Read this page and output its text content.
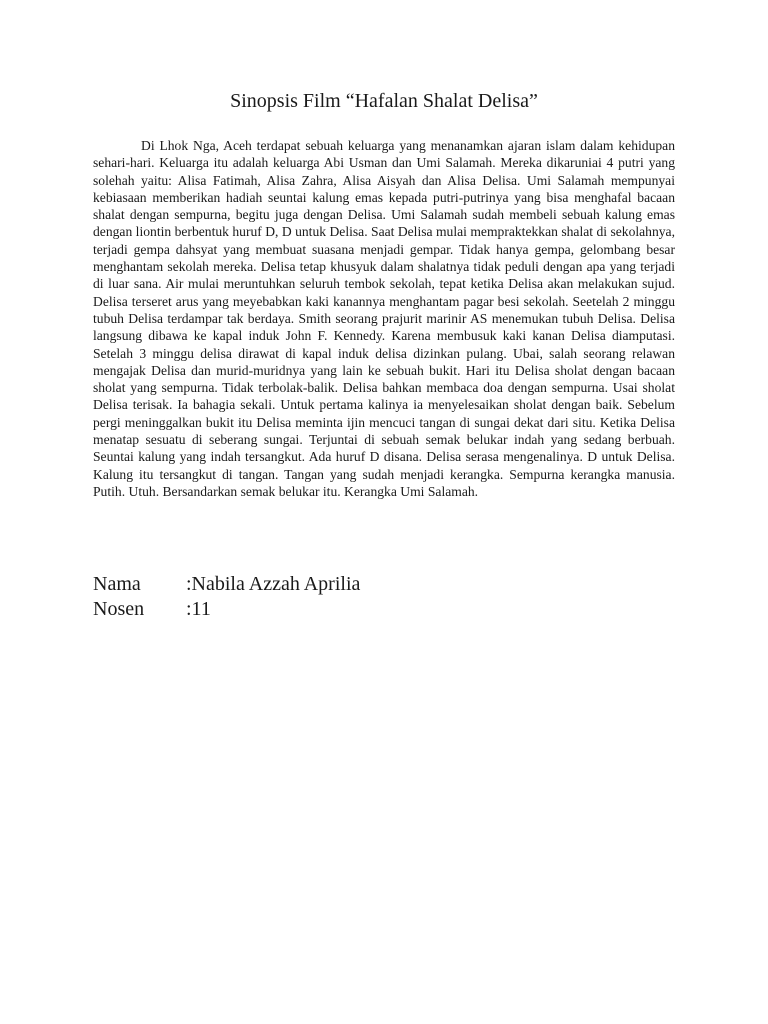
Sinopsis Film “Hafalan Shalat Delisa”

Di Lhok Nga, Aceh terdapat sebuah keluarga yang menanamkan ajaran islam dalam kehidupan sehari-hari. Keluarga itu adalah keluarga Abi Usman dan Umi Salamah. Mereka dikaruniai 4 putri yang solehah yaitu: Alisa Fatimah, Alisa Zahra, Alisa Aisyah dan Alisa Delisa. Umi Salamah mempunyai kebiasaan memberikan hadiah seuntai kalung emas kepada putri-putrinya yang bisa menghafal bacaan shalat dengan sempurna, begitu juga dengan Delisa. Umi Salamah sudah membeli sebuah kalung emas dengan liontin berbentuk huruf D, D untuk Delisa. Saat Delisa mulai mempraktekkan shalat di sekolahnya, terjadi gempa dahsyat yang membuat suasana menjadi gempar. Tidak hanya gempa, gelombang besar menghantam sekolah mereka. Delisa tetap khusyuk dalam shalatnya tidak peduli dengan apa yang terjadi di luar sana. Air mulai meruntuhkan seluruh tembok sekolah, tepat ketika Delisa akan melakukan sujud. Delisa terseret arus yang meyebabkan kaki kanannya menghantam pagar besi sekolah. Seetelah 2 minggu tubuh Delisa terdampar tak berdaya. Smith seorang prajurit marinir AS menemukan tubuh Delisa. Delisa langsung dibawa ke kapal induk John F. Kennedy. Karena membusuk kaki kanan Delisa diamputasi. Setelah 3 minggu delisa dirawat di kapal induk delisa dizinkan pulang. Ubai, salah seorang relawan mengajak Delisa dan murid-muridnya yang lain ke sebuah bukit. Hari itu Delisa sholat dengan bacaan sholat yang sempurna. Tidak terbolak-balik. Delisa bahkan membaca doa dengan sempurna. Usai sholat Delisa terisak. Ia bahagia sekali. Untuk pertama kalinya ia menyelesaikan sholat dengan baik. Sebelum pergi meninggalkan bukit itu Delisa meminta ijin mencuci tangan di sungai dekat dari situ. Ketika Delisa menatap sesuatu di seberang sungai. Terjuntai di sebuah semak belukar indah yang sedang berbuah. Seuntai kalung yang indah tersangkut. Ada huruf D disana. Delisa serasa mengenalinya. D untuk Delisa. Kalung itu tersangkut di tangan. Tangan yang sudah menjadi kerangka. Sempurna kerangka manusia. Putih. Utuh. Bersandarkan semak belukar itu. Kerangka Umi Salamah.

Nama	:Nabila Azzah Aprilia
Nosen	:11
